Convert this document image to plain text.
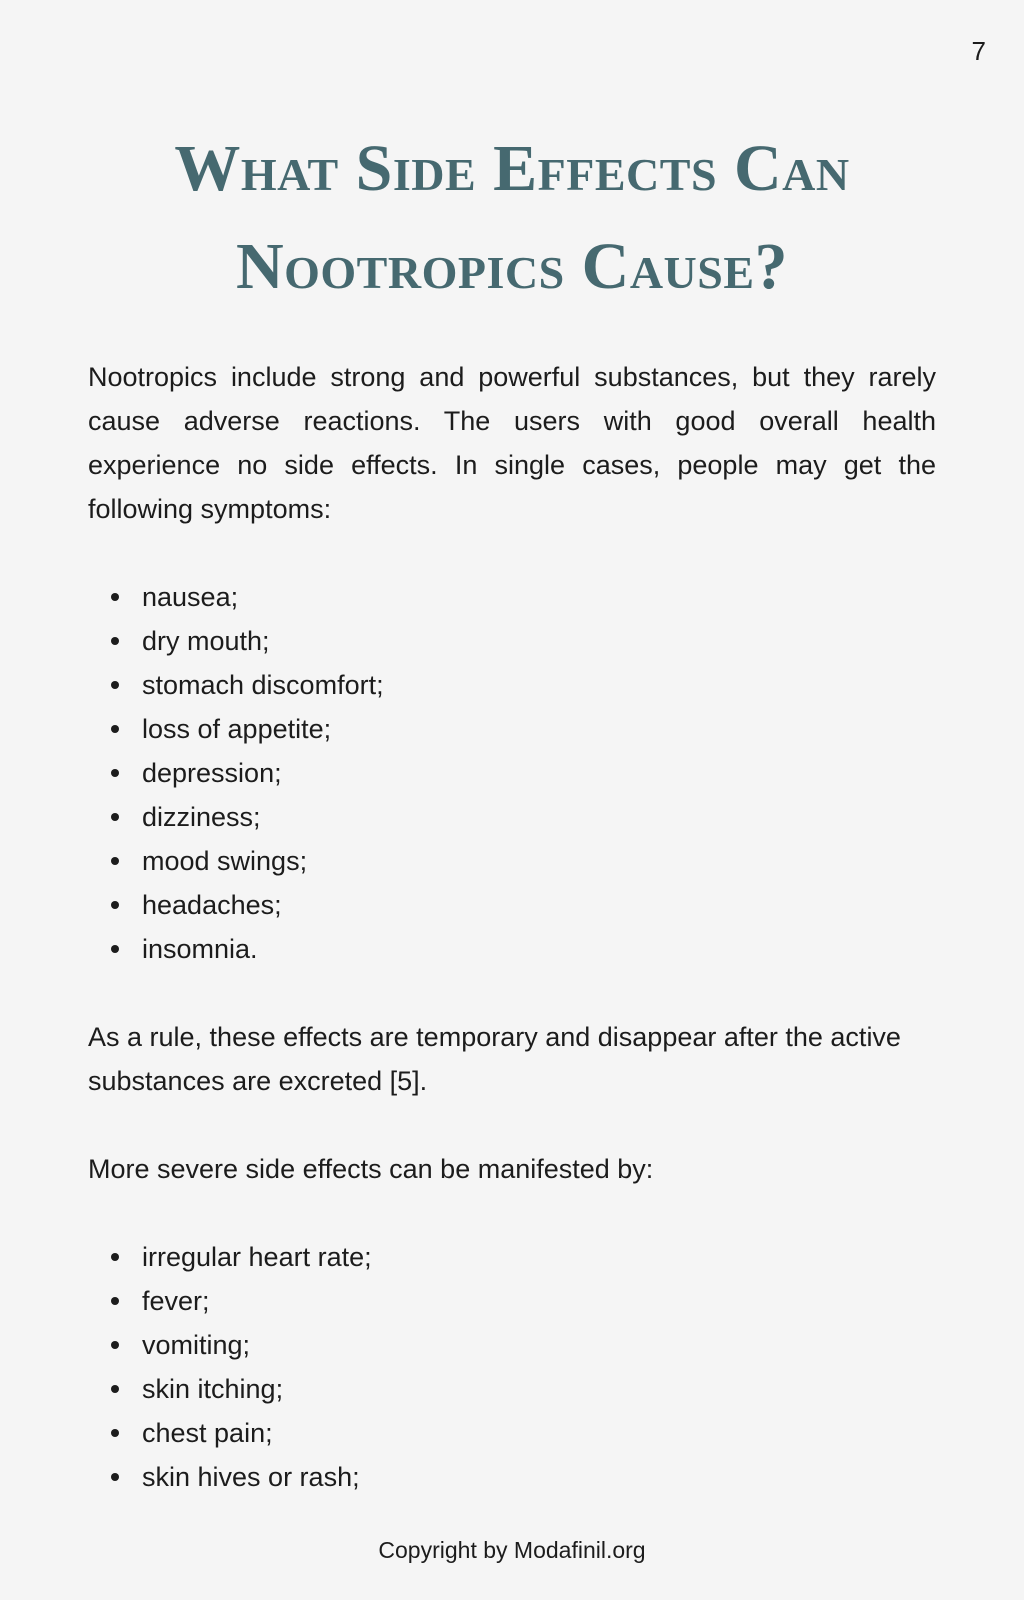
7
What Side Effects Can
Nootropics Cause?

Nootropics include strong and powerful substances, but they rarely cause adverse reactions. The users with good overall health experience no side effects. In single cases, people may get the following symptoms:

nausea;
dry mouth;
stomach discomfort;
loss of appetite;
depression;
dizziness;
mood swings;
headaches;
insomnia.

As a rule, these effects are temporary and disappear after the active substances are excreted [5].

More severe side effects can be manifested by:

irregular heart rate;
fever;
vomiting;
skin itching;
chest pain;
skin hives or rash;
Copyright by Modafinil.org
